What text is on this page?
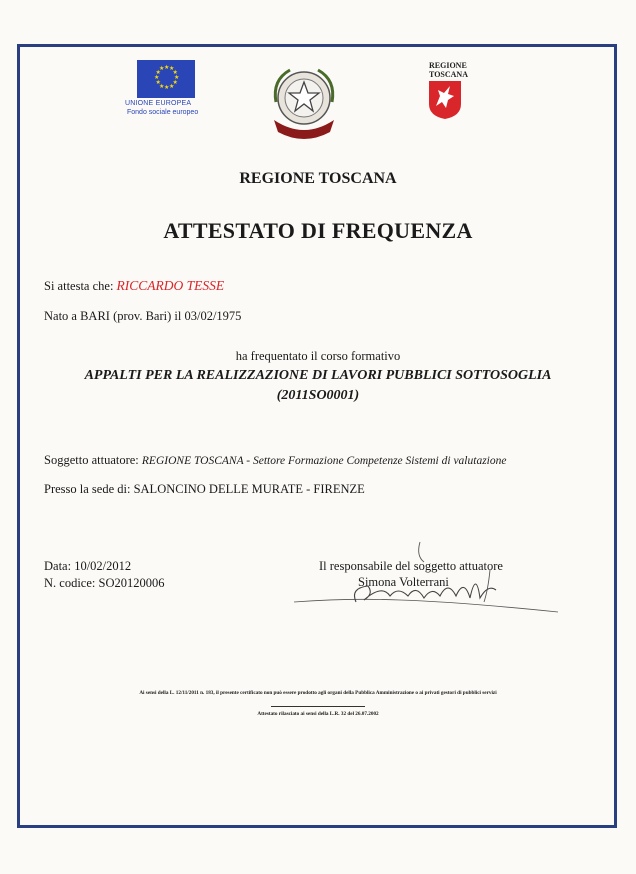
★ ★
★
★
★
★
★
★
★
★
★
★
UNIONE EUROPEA
Fondo sociale europeo
REGIONE
TOSCANA
REGIONE TOSCANA
ATTESTATO DI FREQUENZA
Si attesta che: RICCARDO TESSE
Nato a BARI (prov. Bari) il 03/02/1975
ha frequentato il corso formativo
APPALTI PER LA REALIZZAZIONE DI LAVORI PUBBLICI SOTTOSOGLIA
(2011SO0001)
Soggetto attuatore: REGIONE TOSCANA - Settore Formazione Competenze Sistemi di valutazione
Presso la sede di: SALONCINO DELLE MURATE - FIRENZE
Data: 10/02/2012
N. codice: SO20120006
Il responsabile del soggetto attuatore
Simona Volterrani
Ai sensi della L. 12/11/2011 n. 183, il presente certificato non può essere prodotto agli organi della Pubblica Amministrazione o ai privati gestori di pubblici servizi
Attestato rilasciato ai sensi della L.R. 32 del 26.07.2002
